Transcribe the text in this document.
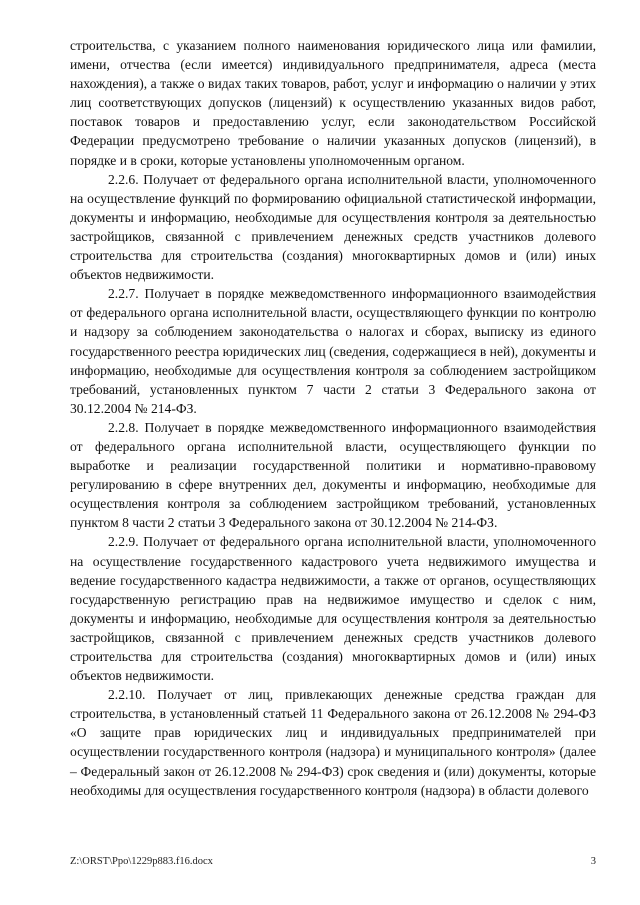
строительства, с указанием полного наименования юридического лица или фамилии, имени, отчества (если имеется) индивидуального предпринимателя, адреса (места нахождения), а также о видах таких товаров, работ, услуг и информацию о наличии у этих лиц соответствующих допусков (лицензий) к осуществлению указанных видов работ, поставок товаров и предоставлению услуг, если законодательством Российской Федерации предусмотрено требование о наличии указанных допусков (лицензий), в порядке и в сроки, которые установлены уполномоченным органом.

2.2.6. Получает от федерального органа исполнительной власти, уполномоченного на осуществление функций по формированию официальной статистической информации, документы и информацию, необходимые для осуществления контроля за деятельностью застройщиков, связанной с привлечением денежных средств участников долевого строительства для строительства (создания) многоквартирных домов и (или) иных объектов недвижимости.

2.2.7. Получает в порядке межведомственного информационного взаимодействия от федерального органа исполнительной власти, осуществляющего функции по контролю и надзору за соблюдением законодательства о налогах и сборах, выписку из единого государственного реестра юридических лиц (сведения, содержащиеся в ней), документы и информацию, необходимые для осуществления контроля за соблюдением застройщиком требований, установленных пунктом 7 части 2 статьи 3 Федерального закона от 30.12.2004 № 214-ФЗ.

2.2.8. Получает в порядке межведомственного информационного взаимодействия от федерального органа исполнительной власти, осуществляющего функции по выработке и реализации государственной политики и нормативно-правовому регулированию в сфере внутренних дел, документы и информацию, необходимые для осуществления контроля за соблюдением застройщиком требований, установленных пунктом 8 части 2 статьи 3 Федерального закона от 30.12.2004 № 214-ФЗ.

2.2.9. Получает от федерального органа исполнительной власти, уполномоченного на осуществление государственного кадастрового учета недвижимого имущества и ведение государственного кадастра недвижимости, а также от органов, осуществляющих государственную регистрацию прав на недвижимое имущество и сделок с ним, документы и информацию, необходимые для осуществления контроля за деятельностью застройщиков, связанной с привлечением денежных средств участников долевого строительства для строительства (создания) многоквартирных домов и (или) иных объектов недвижимости.

2.2.10. Получает от лиц, привлекающих денежные средства граждан для строительства, в установленный статьей 11 Федерального закона от 26.12.2008 № 294-ФЗ «О защите прав юридических лиц и индивидуальных предпринимателей при осуществлении государственного контроля (надзора) и муниципального контроля» (далее – Федеральный закон от 26.12.2008 № 294-ФЗ) срок сведения и (или) документы, которые необходимы для осуществления государственного контроля (надзора) в области долевого

Z:\ORST\Ppo\1229p883.f16.docx	3
